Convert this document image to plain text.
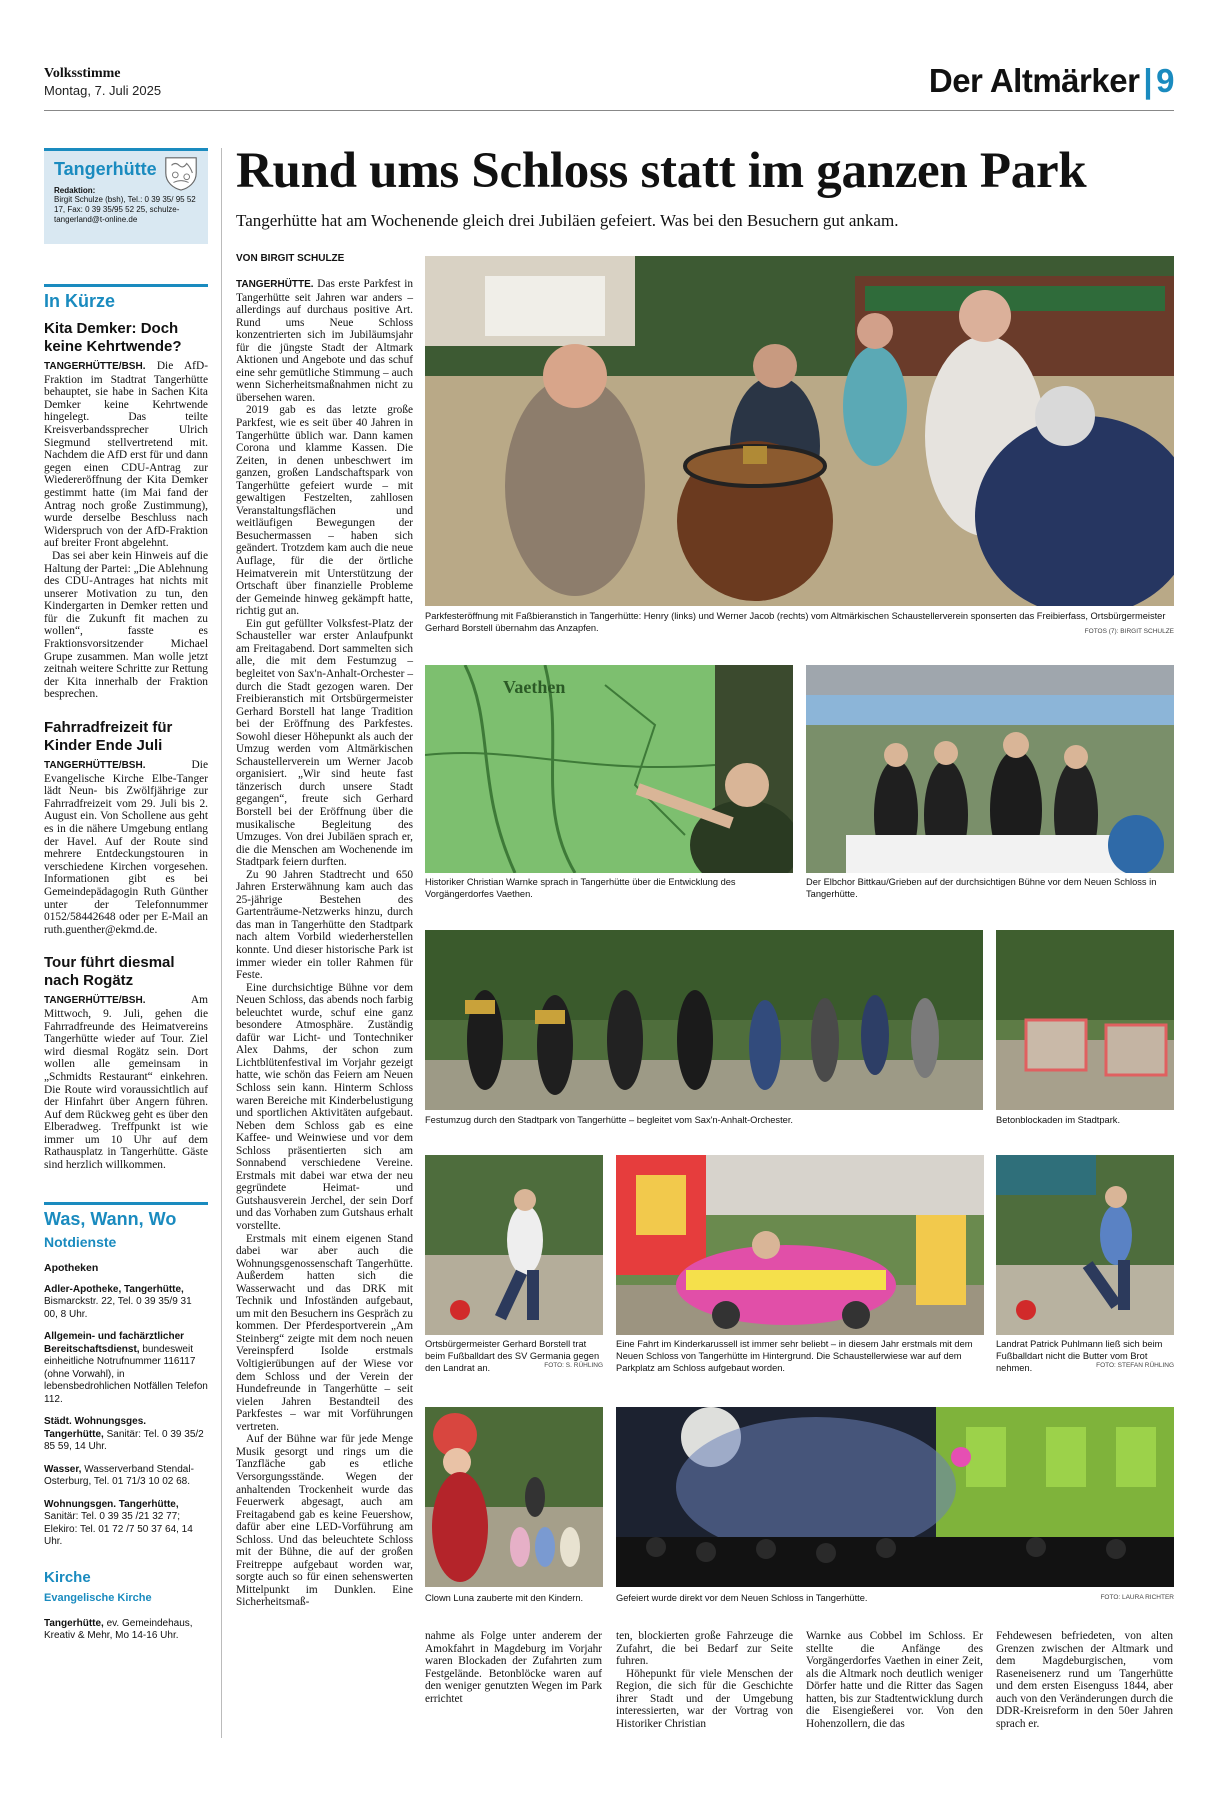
Volksstimme
Montag, 7. Juli 2025	Der Altmärker | 9
Tangerhütte
Redaktion:
Birgit Schulze (bsh), Tel.: 0 39 35/ 95 52 17, Fax: 0 39 35/95 52 25, schulze-tangerland@t-online.de
In Kürze
Kita Demker: Doch keine Kehrtwende?

TANGERHÜTTE/BSH. Die AfD-Fraktion im Stadtrat Tangerhütte behauptet, sie habe in Sachen Kita Demker keine Kehrtwende hingelegt. Das teilte Kreisverbandssprecher Ulrich Siegmund stellvertretend mit. Nachdem die AfD erst für und dann gegen einen CDU-Antrag zur Wiedereröffnung der Kita Demker gestimmt hatte (im Mai fand der Antrag noch große Zustimmung), wurde derselbe Beschluss nach Widerspruch von der AfD-Fraktion auf breiter Front abgelehnt.

Das sei aber kein Hinweis auf die Haltung der Partei: „Die Ablehnung des CDU-Antrages hat nichts mit unserer Motivation zu tun, den Kindergarten in Demker retten und für die Zukunft fit machen zu wollen“, fasste es Fraktionsvorsitzender Michael Grupe zusammen. Man wolle jetzt zeitnah weitere Schritte zur Rettung der Kita innerhalb der Fraktion besprechen.

Fahrradfreizeit für Kinder Ende Juli

TANGERHÜTTE/BSH.	Die Evangelische Kirche Elbe-Tanger lädt Neun- bis Zwölfjährige zur Fahrradfreizeit vom 29. Juli bis 2. August ein. Von Schollene aus geht es in die nähere Umgebung entlang der Havel. Auf der Route sind mehrere Entdeckungstouren in verschiedene Kirchen vorgesehen. Informationen gibt es bei Gemeindepädagogin Ruth Günther unter der Telefonnummer 0152/58442648 oder per E-Mail an ruth.guenther@ekmd.de.

Tour führt diesmal nach Rogätz

TANGERHÜTTE/BSH.	Am Mittwoch, 9. Juli, gehen die Fahrradfreunde des Heimatvereins Tangerhütte wieder auf Tour. Ziel wird diesmal Rogätz sein. Dort wollen alle gemeinsam in „Schmidts Restaurant“ einkehren. Die Route wird voraussichtlich auf der Hinfahrt über Angern führen. Auf dem Rückweg geht es über den Elberadweg. Treffpunkt ist wie immer um 10 Uhr auf dem Rathausplatz in Tangerhütte. Gäste sind herzlich willkommen.

Was, Wann, Wo
Notdienste
Apotheken
Adler-Apotheke, Tangerhütte, Bismarckstr. 22, Tel. 0 39 35/9 31 00, 8 Uhr.
Allgemein- und fachärztlicher Bereitschaftsdienst, bundesweit einheitliche Notrufnummer 116117 (ohne Vorwahl), in lebensbedrohlichen Notfällen Telefon 112.
Städt. Wohnungsges. Tangerhütte, Sanitär: Tel. 0 39 35/2 85 59, 14 Uhr.
Wasser, Wasserverband Stendal-Osterburg, Tel. 01 71/3 10 02 68.
Wohnungsgen. Tangerhütte, Sanitär: Tel. 0 39 35 /21 32 77; Elekiro: Tel. 01 72 /7 50 37 64, 14 Uhr.
Kirche
Evangelische Kirche
Tangerhütte, ev. Gemeindehaus, Kreativ & Mehr, Mo 14-16 Uhr.
Rund ums Schloss statt im ganzen Park
Tangerhütte hat am Wochenende gleich drei Jubiläen gefeiert. Was bei den Besuchern gut ankam.
VON BIRGIT SCHULZE

TANGERHÜTTE. Das erste Parkfest in Tangerhütte seit Jahren war anders – allerdings auf durchaus positive Art. Rund ums Neue Schloss konzentrierten sich im Jubiläumsjahr für die jüngste Stadt der Altmark Aktionen und Angebote und das schuf eine sehr gemütliche Stimmung – auch wenn Sicherheitsmaßnahmen nicht zu übersehen waren.

2019 gab es das letzte große Parkfest, wie es seit über 40 Jahren in Tangerhütte üblich war. Dann kamen Corona und klamme Kassen. Die Zeiten, in denen unbeschwert im ganzen, großen Landschaftspark von Tangerhütte gefeiert wurde – mit gewaltigen Festzelten, zahllosen Veranstaltungsflächen und weitläufigen Bewegungen der Besuchermassen – haben sich geändert. Trotzdem kam auch die neue Auflage, für die der örtliche Heimatverein mit Unterstützung der Ortschaft über finanzielle Probleme der Gemeinde hinweg gekämpft hatte, richtig gut an.

Ein gut gefüllter Volksfest-Platz der Schausteller war erster Anlaufpunkt am Freitagabend. Dort sammelten sich alle, die mit dem Festumzug – begleitet von Sax'n-Anhalt-Orchester – durch die Stadt gezogen waren. Der Freibieranstich mit Ortsbürgermeister Gerhard Borstell hat lange Tradition bei der Eröffnung des Parkfestes. Sowohl dieser Höhepunkt als auch der Umzug werden vom Altmärkischen Schaustellerverein um Werner Jacob organisiert. „Wir sind heute fast tänzerisch durch unsere Stadt gegangen“, freute sich Gerhard Borstell bei der Eröffnung über die musikalische Begleitung des Umzuges. Von drei Jubiläen sprach er, die die Menschen am Wochenende im Stadtpark feiern durften.

Zu 90 Jahren Stadtrecht und 650 Jahren Ersterwähnung kam auch das 25-jährige Bestehen des Gartenträume-Netzwerks hinzu, durch das man in Tangerhütte den Stadtpark nach altem Vorbild wiederherstellen konnte. Und dieser historische Park ist immer wieder ein toller Rahmen für Feste.

Eine durchsichtige Bühne vor dem Neuen Schloss, das abends noch farbig beleuchtet wurde, schuf eine ganz besondere Atmosphäre. Zuständig dafür war Licht- und Tontechniker Alex Dahms, der schon zum Lichtblütenfestival im Vorjahr gezeigt hatte, wie schön das Feiern am Neuen Schloss sein kann. Hinterm Schloss waren Bereiche mit Kinderbelustigung und sportlichen Aktivitäten aufgebaut. Neben dem Schloss gab es eine Kaffee- und Weinwiese und vor dem Schloss präsentierten sich am Sonnabend verschiedene Vereine. Erstmals mit dabei war etwa der neu gegründete Heimat- und Gutshausverein Jerchel, der sein Dorf und das Vorhaben zum Gutshaus erhalt vorstellte.

Erstmals mit einem eigenen Stand dabei war aber auch die Wohnungsgenossenschaft Tangerhütte. Außerdem hatten sich die Wasserwacht und das DRK mit Technik und Infoständen aufgebaut, um mit den Besuchern ins Gespräch zu kommen. Der Pferdesportverein „Am Steinberg“ zeigte mit dem noch neuen Vereinspferd Isolde erstmals Voltigierübungen auf der Wiese vor dem Schloss und der Verein der Hundefreunde in Tangerhütte – seit vielen Jahren Bestandteil des Parkfestes – war mit Vorführungen vertreten.

Auf der Bühne war für jede Menge Musik gesorgt und rings um die Tanzfläche gab es etliche Versorgungsstände. Wegen der anhaltenden Trockenheit wurde das Feuerwerk abgesagt, auch am Freitagabend gab es keine Feuershow, dafür aber eine LED-Vorführung am Schloss. Und das beleuchtete Schloss mit der Bühne, die auf der großen Freitreppe aufgebaut worden war, sorgte auch so für einen sehenswerten Mittelpunkt im Dunklen. Eine Sicherheitsmaß-

Parkfesteröffnung mit Faßbieranstich in Tangerhütte: Henry (links) und Werner Jacob (rechts) vom Altmärkischen Schaustellerverein sponserten das Freibierfass, Ortsbürgermeister Gerhard Borstell übernahm das Anzapfen.	FOTOS (7): BIRGIT SCHULZE
Vaethen
Historiker Christian Warnke sprach in Tangerhütte über die Entwicklung des Vorgängerdorfes Vaethen.
Der Elbchor Bittkau/Grieben auf der durchsichtigen Bühne vor dem Neuen Schloss in Tangerhütte.
Festumzug durch den Stadtpark von Tangerhütte – begleitet vom Sax'n-Anhalt-Orchester.	Betonblockaden im Stadtpark.
Ortsbürgermeister Gerhard Borstell trat beim Fußballdart des SV Germania gegen den Landrat an.	FOTO: S. RÜHLING
Eine Fahrt im Kinderkarussell ist immer sehr beliebt – in diesem Jahr erstmals mit dem Neuen Schloss von Tangerhütte im Hintergrund. Die Schaustellerwiese war auf dem Parkplatz am Schloss aufgebaut worden.
Landrat Patrick Puhlmann ließ sich beim Fußballdart nicht die Butter vom Brot nehmen.	FOTO: STEFAN RÜHLING
Clown Luna zauberte mit den Kindern.	Gefeiert wurde direkt vor dem Neuen Schloss in Tangerhütte.	FOTO: LAURA RICHTER

nahme als Folge unter anderem der Amokfahrt in Magdeburg im Vorjahr waren Blockaden der Zufahrten zum Festgelände. Betonblöcke waren auf den weniger genutzten Wegen im Park errichtet

ten, blockierten große Fahrzeuge die Zufahrt, die bei Bedarf zur Seite fuhren.

Höhepunkt für viele Menschen der Region, die sich für die Geschichte ihrer Stadt und der Umgebung interessierten, war der Vortrag von Historiker Christian

Warnke aus Cobbel im Schloss. Er stellte die Anfänge des Vorgängerdorfes Vaethen in einer Zeit, als die Altmark noch deutlich weniger Dörfer hatte und die Ritter das Sagen hatten, bis zur Stadtentwicklung durch die Eisengießerei vor. Von den Hohenzollern, die das

Fehdewesen befriedeten, von alten Grenzen zwischen der Altmark und dem Magdeburgischen, vom Raseneisenerz rund um Tangerhütte und dem ersten Eisenguss 1844, aber auch von den Veränderungen durch die DDR-Kreisreform in den 50er Jahren sprach er.
